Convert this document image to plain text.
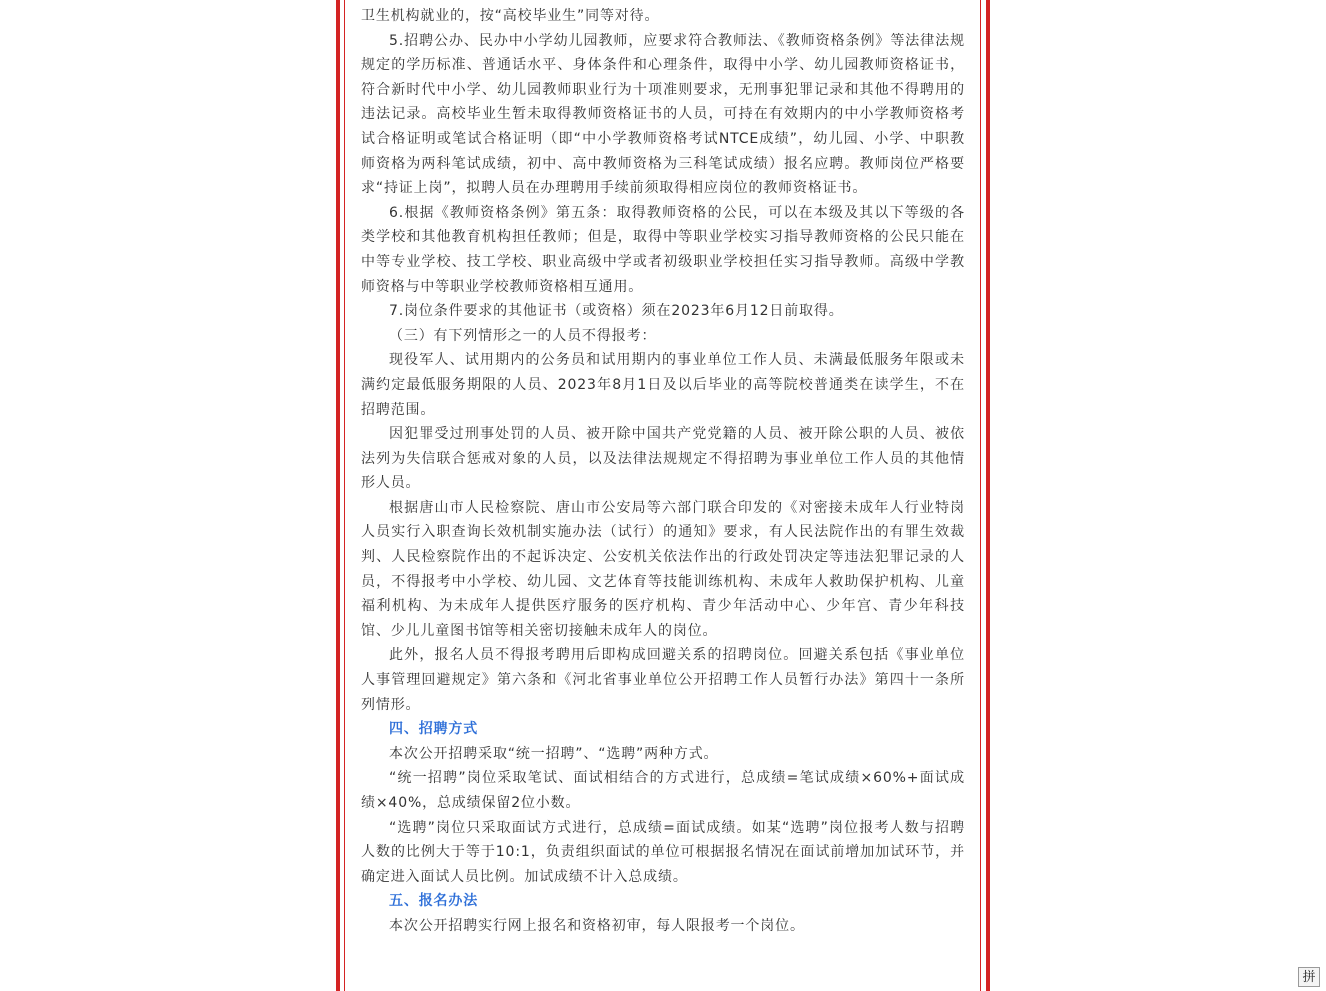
卫生机构就业的，按“高校毕业生”同等对待。

5.招聘公办、民办中小学幼儿园教师，应要求符合教师法、《教师资格条例》等法律法规规定的学历标准、普通话水平、身体条件和心理条件，取得中小学、幼儿园教师资格证书，符合新时代中小学、幼儿园教师职业行为十项准则要求，无刑事犯罪记录和其他不得聘用的违法记录。高校毕业生暂未取得教师资格证书的人员，可持在有效期内的中小学教师资格考试合格证明或笔试合格证明（即“中小学教师资格考试NTCE成绩”，幼儿园、小学、中职教师资格为两科笔试成绩，初中、高中教师资格为三科笔试成绩）报名应聘。教师岗位严格要求“持证上岗”，拟聘人员在办理聘用手续前须取得相应岗位的教师资格证书。

6.根据《教师资格条例》第五条：取得教师资格的公民，可以在本级及其以下等级的各类学校和其他教育机构担任教师；但是，取得中等职业学校实习指导教师资格的公民只能在中等专业学校、技工学校、职业高级中学或者初级职业学校担任实习指导教师。高级中学教师资格与中等职业学校教师资格相互通用。

7.岗位条件要求的其他证书（或资格）须在2023年6月12日前取得。

（三）有下列情形之一的人员不得报考：

现役军人、试用期内的公务员和试用期内的事业单位工作人员、未满最低服务年限或未满约定最低服务期限的人员、2023年8月1日及以后毕业的高等院校普通类在读学生，不在招聘范围。

因犯罪受过刑事处罚的人员、被开除中国共产党党籍的人员、被开除公职的人员、被依法列为失信联合惩戒对象的人员，以及法律法规规定不得招聘为事业单位工作人员的其他情形人员。

根据唐山市人民检察院、唐山市公安局等六部门联合印发的《对密接未成年人行业特岗人员实行入职查询长效机制实施办法（试行）的通知》要求，有人民法院作出的有罪生效裁判、人民检察院作出的不起诉决定、公安机关依法作出的行政处罚决定等违法犯罪记录的人员，不得报考中小学校、幼儿园、文艺体育等技能训练机构、未成年人救助保护机构、儿童福利机构、为未成年人提供医疗服务的医疗机构、青少年活动中心、少年宫、青少年科技馆、少儿儿童图书馆等相关密切接触未成年人的岗位。

此外，报名人员不得报考聘用后即构成回避关系的招聘岗位。回避关系包括《事业单位人事管理回避规定》第六条和《河北省事业单位公开招聘工作人员暂行办法》第四十一条所列情形。

四、招聘方式

本次公开招聘采取“统一招聘”、“选聘”两种方式。

“统一招聘”岗位采取笔试、面试相结合的方式进行，总成绩=笔试成绩×60%+面试成绩×40%，总成绩保留2位小数。

“选聘”岗位只采取面试方式进行，总成绩=面试成绩。如某“选聘”岗位报考人数与招聘人数的比例大于等于10:1，负责组织面试的单位可根据报名情况在面试前增加加试环节，并确定进入面试人员比例。加试成绩不计入总成绩。

五、报名办法

本次公开招聘实行网上报名和资格初审，每人限报考一个岗位。

拼
